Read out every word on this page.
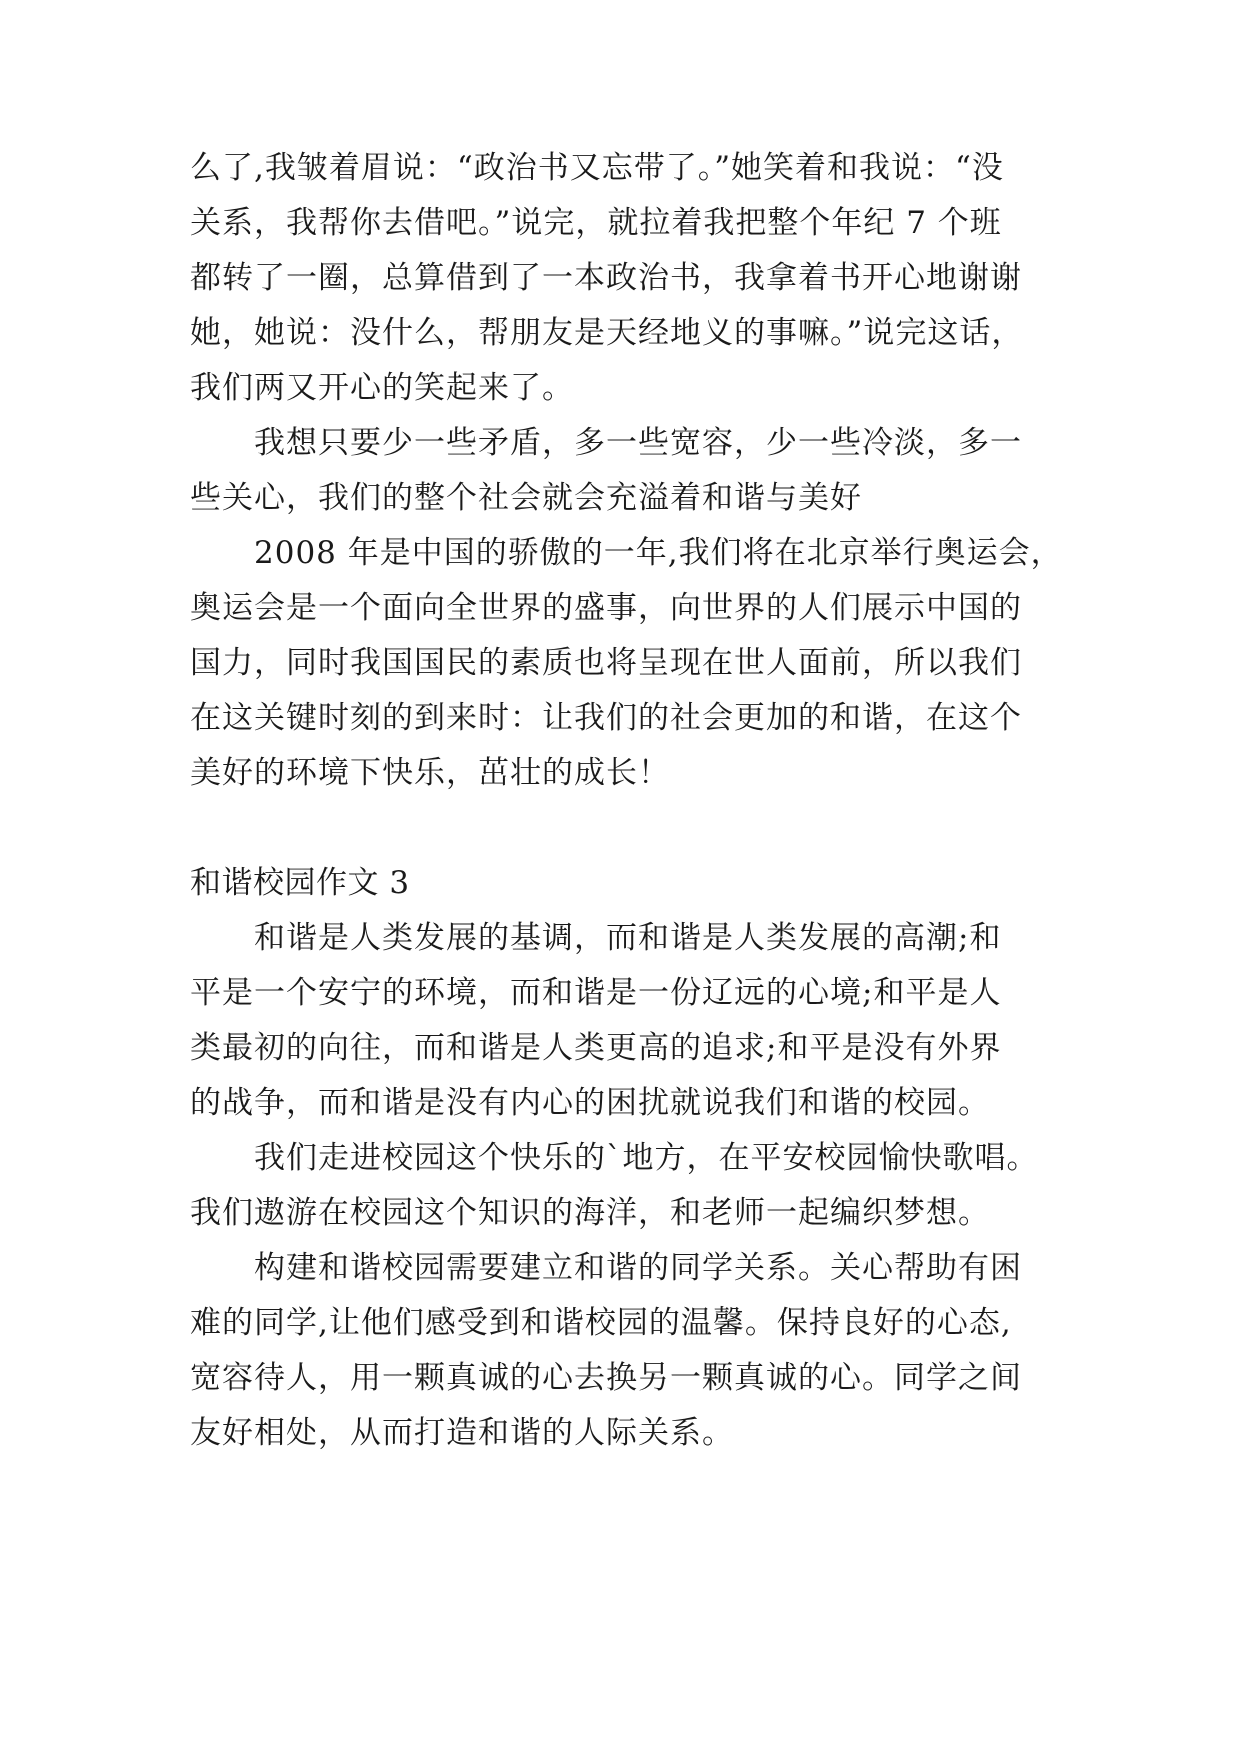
么了,我皱着眉说：“政治书又忘带了。”她笑着和我说：“没

关系，我帮你去借吧。”说完，就拉着我把整个年纪 7 个班

都转了一圈，总算借到了一本政治书，我拿着书开心地谢谢

她，她说：没什么，帮朋友是天经地义的事嘛。”说完这话，

我们两又开心的笑起来了。

　　我想只要少一些矛盾，多一些宽容，少一些冷淡，多一

些关心，我们的整个社会就会充溢着和谐与美好

　　2008 年是中国的骄傲的一年,我们将在北京举行奥运会，

奥运会是一个面向全世界的盛事，向世界的人们展示中国的

国力，同时我国国民的素质也将呈现在世人面前，所以我们

在这关键时刻的到来时：让我们的社会更加的和谐，在这个

美好的环境下快乐，茁壮的成长！

和谐校园作文 3

　　和谐是人类发展的基调，而和谐是人类发展的高潮;和

平是一个安宁的环境，而和谐是一份辽远的心境;和平是人

类最初的向往，而和谐是人类更高的追求;和平是没有外界

的战争，而和谐是没有内心的困扰就说我们和谐的校园。

　　我们走进校园这个快乐的`地方，在平安校园愉快歌唱。

我们遨游在校园这个知识的海洋，和老师一起编织梦想。

　　构建和谐校园需要建立和谐的同学关系。关心帮助有困

难的同学,让他们感受到和谐校园的温馨。保持良好的心态,

宽容待人，用一颗真诚的心去换另一颗真诚的心。同学之间

友好相处，从而打造和谐的人际关系。
